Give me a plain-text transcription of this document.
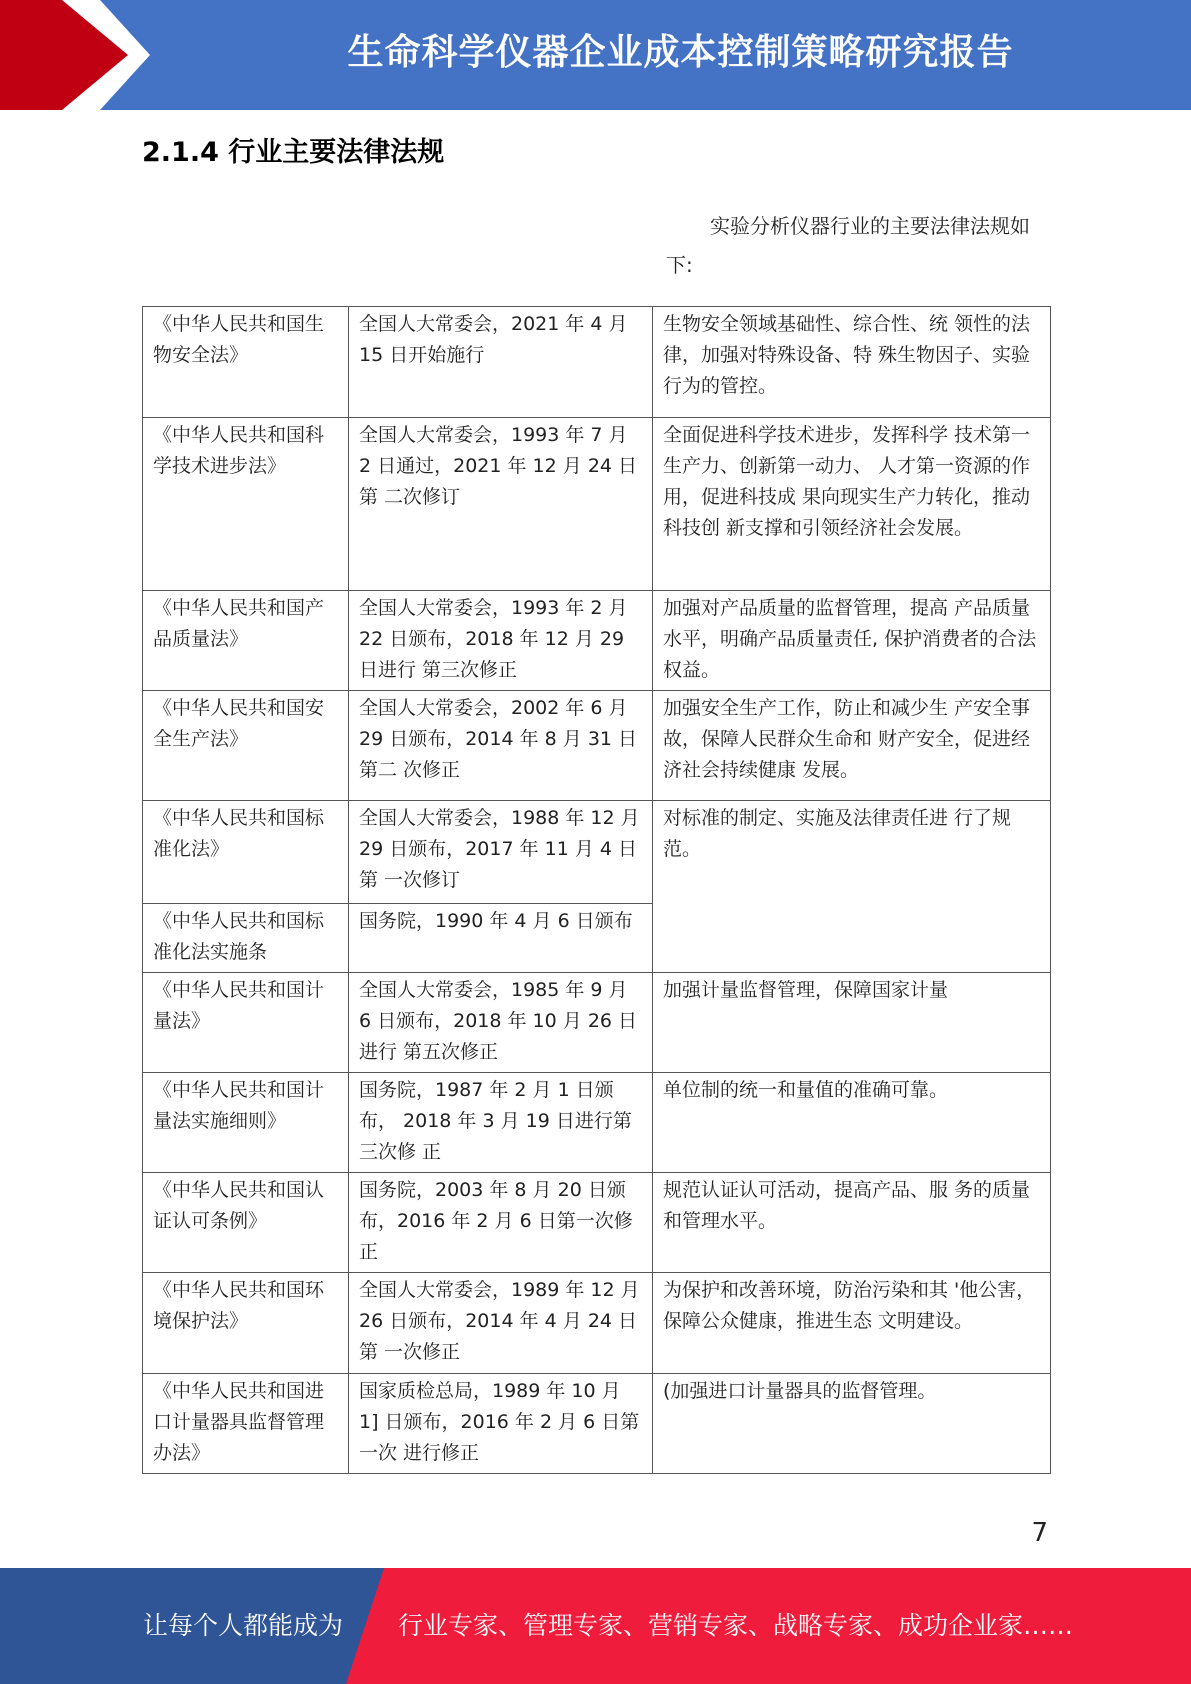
生命科学仪器企业成本控制策略研究报告
2.1.4 行业主要法律法规
实验分析仪器行业的主要法律法规如
下:
《中华人民共和国生 物安全法》	全国人大常委会，2021 年 4 月 15 日开始施行	生物安全领域基础性、综合性、统 领性的法律，加强对特殊设备、特 殊生物因子、实验行为的管控。
《中华人民共和国科 学技术进步法》	全国人大常委会，1993 年 7 月 2 日通过，2021 年 12 月 24 日第 二次修订	全面促进科学技术进步，发挥科学 技术第一生产力、创新第一动力、 人才第一资源的作用，促进科技成 果向现实生产力转化，推动科技创 新支撑和引领经济社会发展。
《中华人民共和国产 品质量法》	全国人大常委会，1993 年 2 月 22 日颁布，2018 年 12 月 29 日进行 第三次修正	加强对产品质量的监督管理，提高 产品质量水平，明确产品质量责任, 保护消费者的合法权益。
《中华人民共和国安 全生产法》	全国人大常委会，2002 年 6 月 29 日颁布，2014 年 8 月 31 日第二 次修正	加强安全生产工作，防止和减少生 产安全事故，保障人民群众生命和 财产安全，促进经济社会持续健康 发展。
《中华人民共和国标 准化法》	全国人大常委会，1988 年 12 月 29 日颁布，2017 年 11 月 4 日第 一次修订	对标准的制定、实施及法律责任进 行了规范。
《中华人民共和国标 准化法实施条	国务院，1990 年 4 月 6 日颁布	
《中华人民共和国计 量法》	全国人大常委会，1985 年 9 月 6 日颁布，2018 年 10 月 26 日进行 第五次修正	加强计量监督管理，保障国家计量
《中华人民共和国计 量法实施细则》	国务院，1987 年 2 月 1 日颁布， 2018 年 3 月 19 日进行第三次修 正	单位制的统一和量值的准确可靠。
《中华人民共和国认 证认可条例》	国务院，2003 年 8 月 20 日颁布，2016 年 2 月 6 日第一次修正	规范认证认可活动，提高产品、服 务的质量和管理水平。
《中华人民共和国环 境保护法》	全国人大常委会，1989 年 12 月 26 日颁布，2014 年 4 月 24 日第 一次修正	为保护和改善环境，防治污染和其 '他公害，保障公众健康，推进生态 文明建设。
《中华人民共和国进 口计量器具监督管理 办法》	国家质检总局，1989 年 10 月 1] 日颁布，2016 年 2 月 6 日第一次 进行修正	(加强进口计量器具的监督管理。
7
让每个人都能成为 行业专家、管理专家、营销专家、战略专家、成功企业家……
